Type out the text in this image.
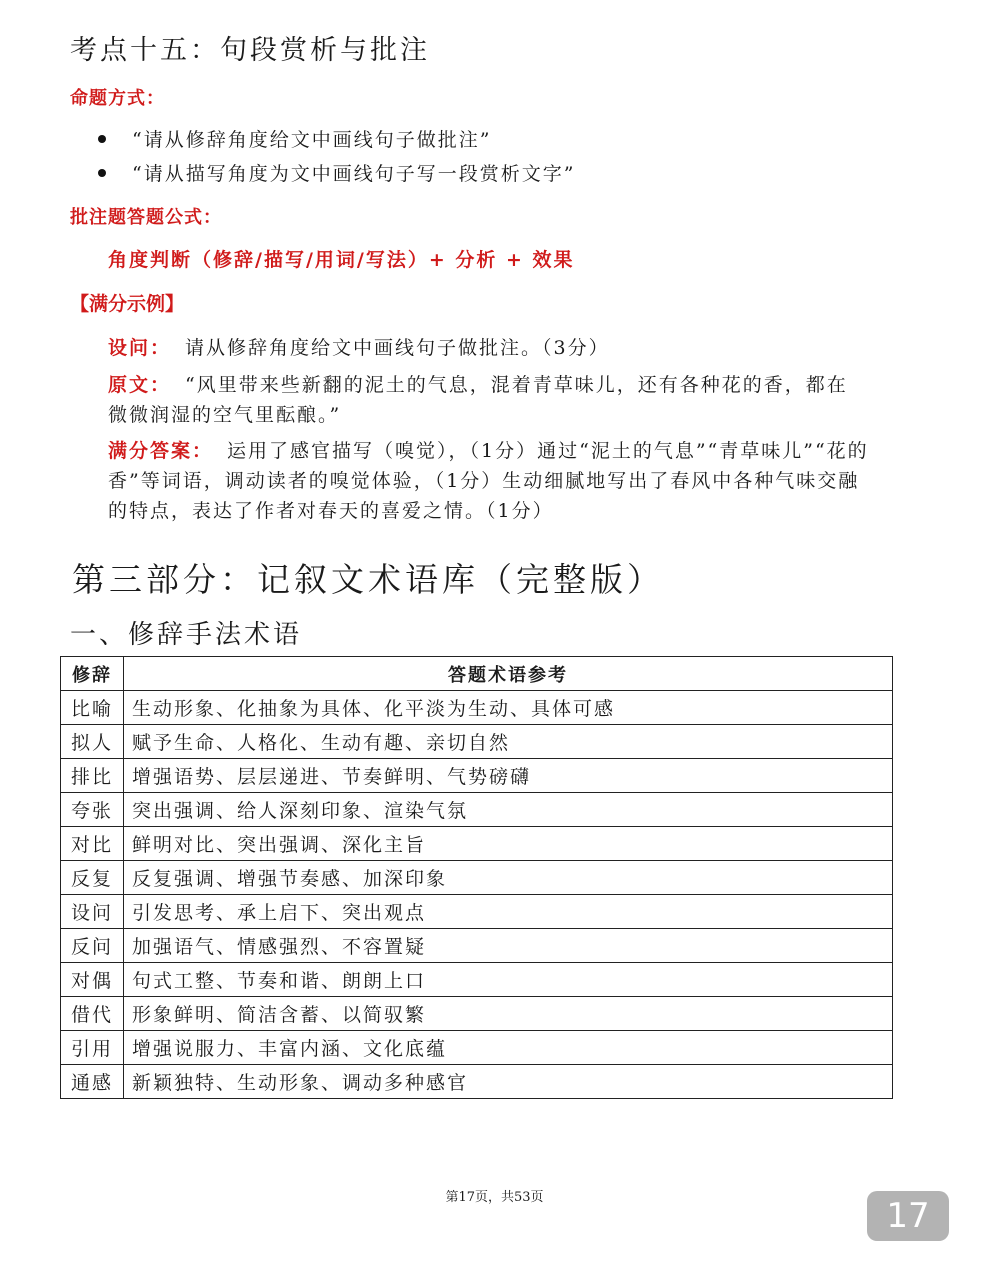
考点十五：句段赏析与批注
命题方式：
“请从修辞角度给文中画线句子做批注”
“请从描写角度为文中画线句子写一段赏析文字”
批注题答题公式：
角度判断（修辞/描写/用词/写法）+ 分析 + 效果
【满分示例】
设问： 请从修辞角度给文中画线句子做批注。（3分）
原文： “风里带来些新翻的泥土的气息，混着青草味儿，还有各种花的香，都在微微润湿的空气里酝酿。”
满分答案： 运用了感官描写（嗅觉），（1分）通过“泥土的气息”“青草味儿”“花的香”等词语，调动读者的嗅觉体验，（1分）生动细腻地写出了春风中各种气味交融的特点，表达了作者对春天的喜爱之情。（1分）
第三部分：记叙文术语库（完整版）
一、修辞手法术语
修辞	答题术语参考
比喻	生动形象、化抽象为具体、化平淡为生动、具体可感
拟人	赋予生命、人格化、生动有趣、亲切自然
排比	增强语势、层层递进、节奏鲜明、气势磅礴
夸张	突出强调、给人深刻印象、渲染气氛
对比	鲜明对比、突出强调、深化主旨
反复	反复强调、增强节奏感、加深印象
设问	引发思考、承上启下、突出观点
反问	加强语气、情感强烈、不容置疑
对偶	句式工整、节奏和谐、朗朗上口
借代	形象鲜明、简洁含蓄、以简驭繁
引用	增强说服力、丰富内涵、文化底蕴
通感	新颖独特、生动形象、调动多种感官
第17页，共53页	17
